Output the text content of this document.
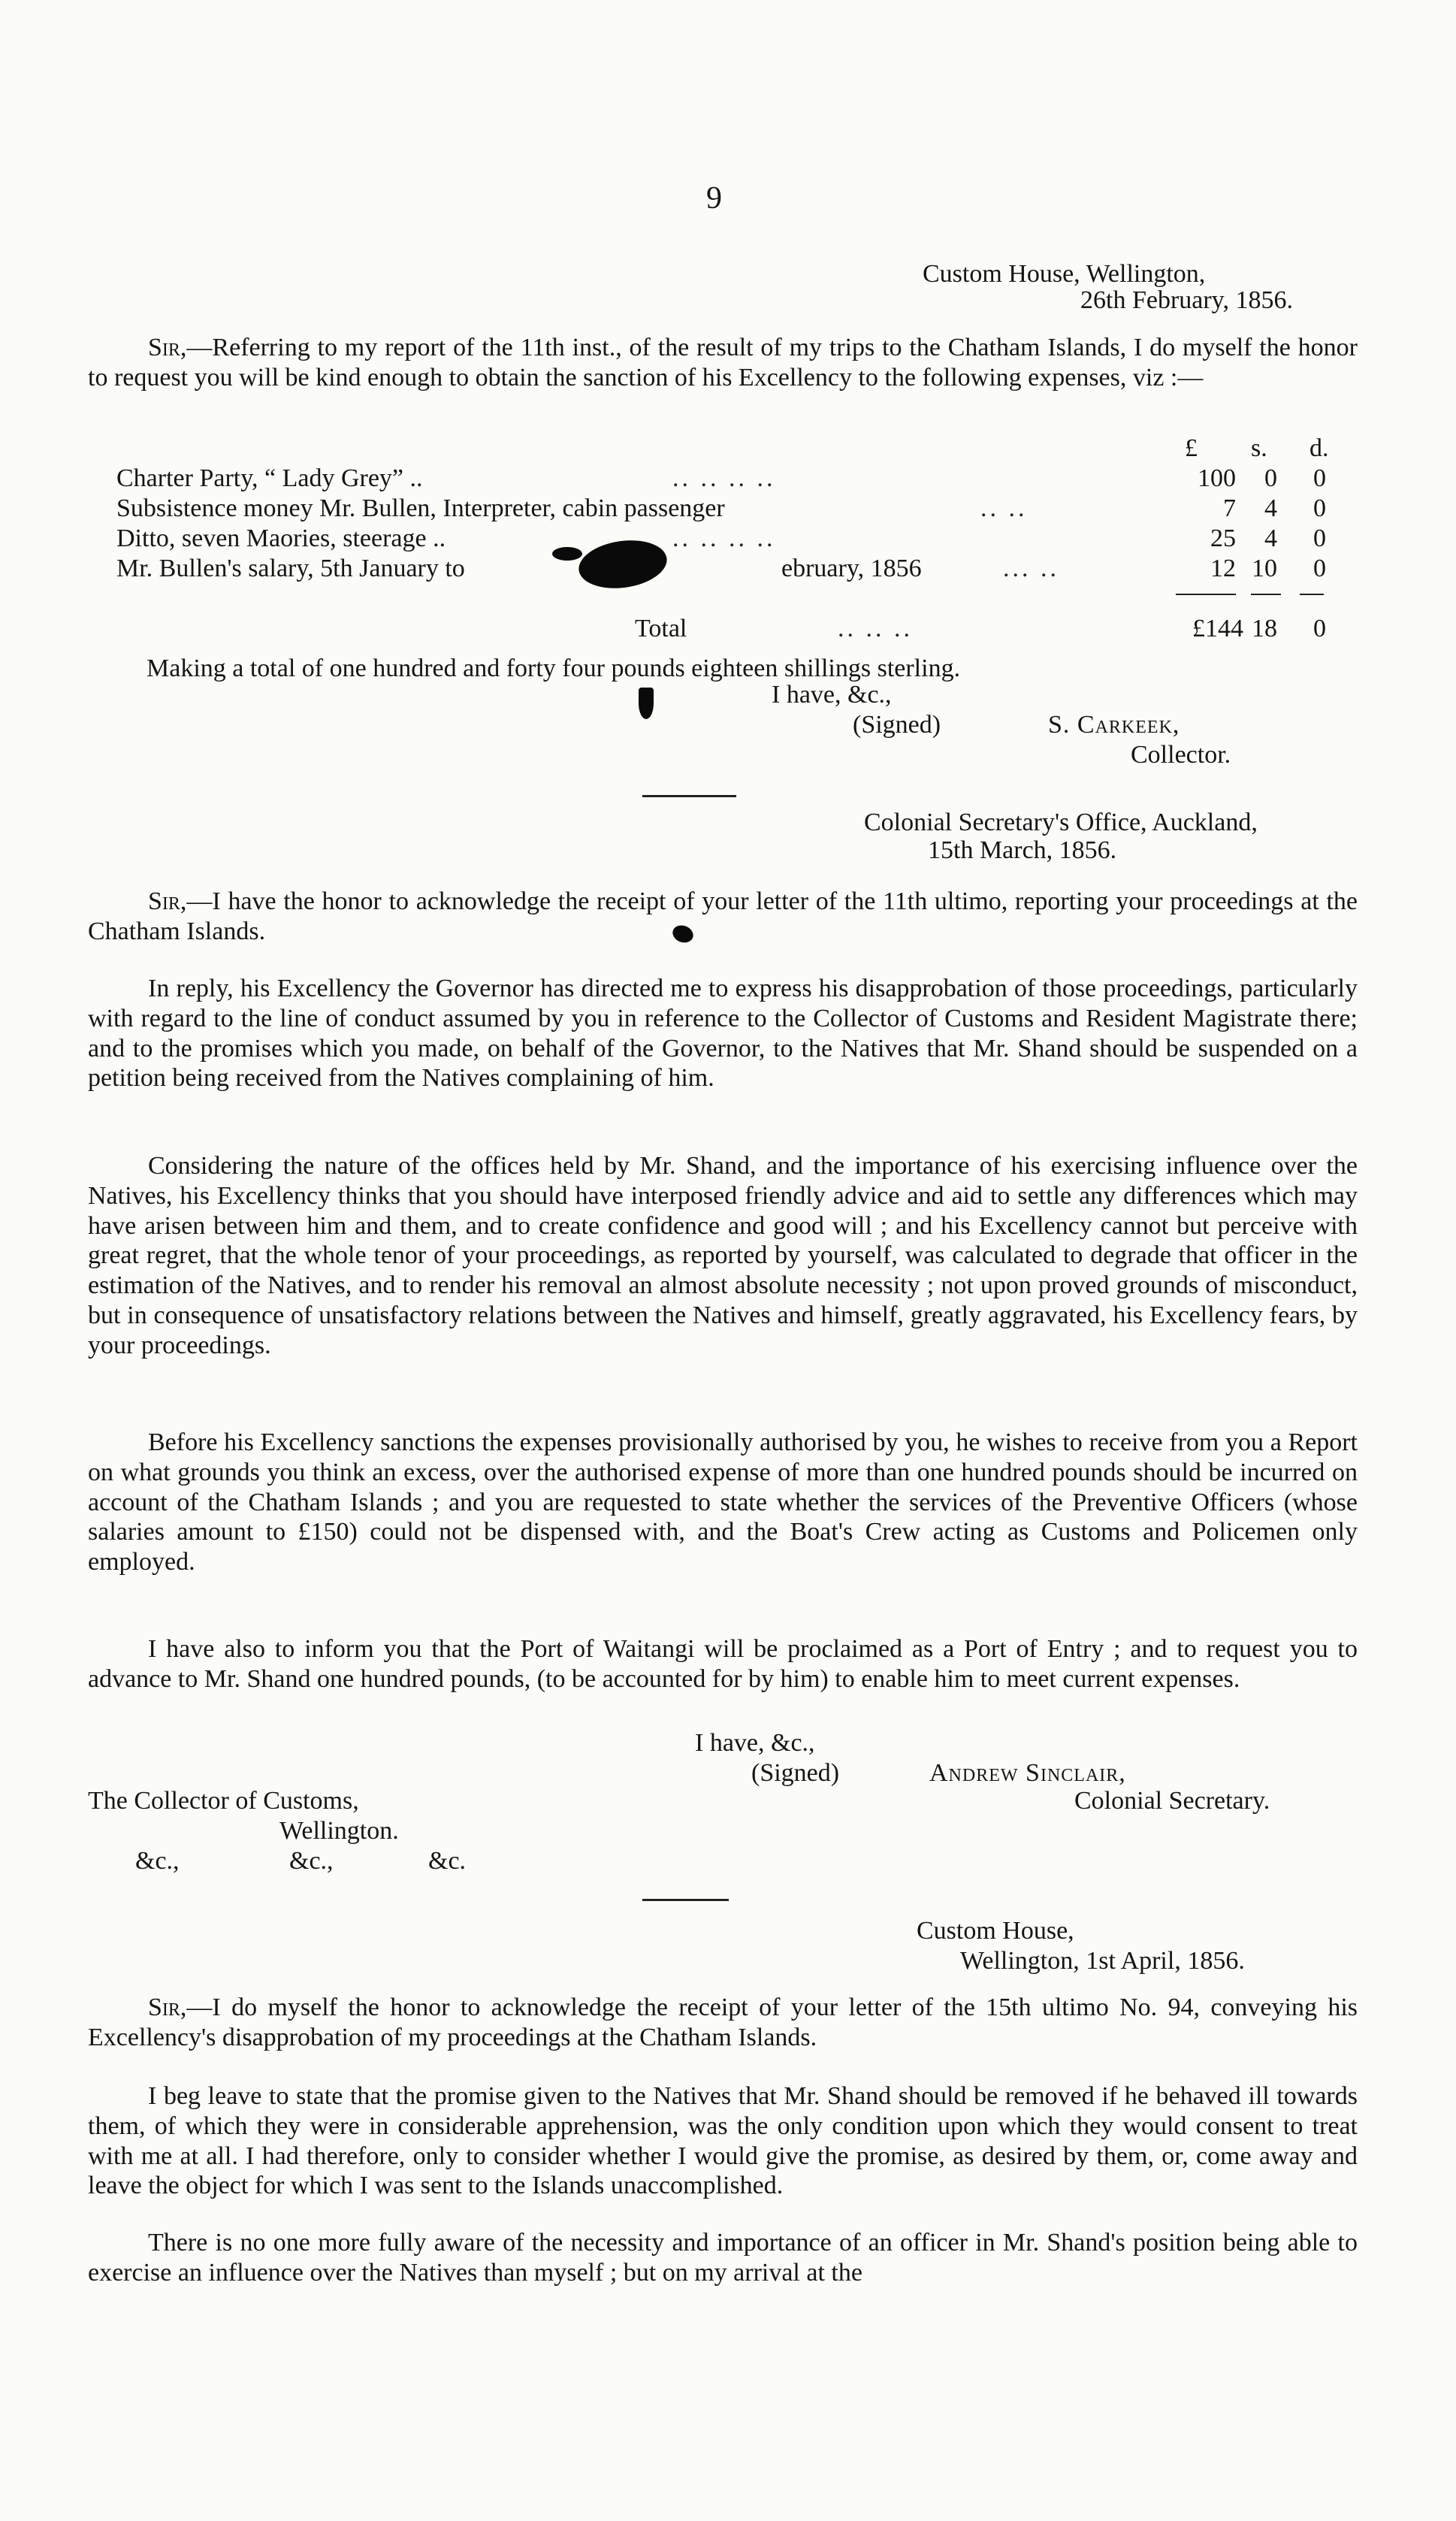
9
Custom House, Wellington,
26th February, 1856.
Sir,—Referring to my report of the 11th inst., of the result of my trips to the Chatham Islands, I do myself the honor to request you will be kind enough to obtain the sanction of his Excellency to the following expenses, viz :—
£ s. d.
Charter Party, “ Lady Grey” ..	.. .. .. ..	100	0	0
Subsistence money Mr. Bullen, Interpreter, cabin passenger	.. ..	7	4	0
Ditto, seven Maories, steerage ..	.. .. .. ..	25	4	0
Mr. Bullen's salary, 5th January to	ebruary, 1856	... ..	12 10	0
Total	.. .. ..	£144 18	0
Making a total of one hundred and forty four pounds eighteen shillings sterling.
I have, &c.,
(Signed)	S. Carkeek,
Collector.
Colonial Secretary's Office, Auckland,
15th March, 1856.
Sir,—I have the honor to acknowledge the receipt of your letter of the 11th ultimo, reporting your proceedings at the Chatham Islands.
In reply, his Excellency the Governor has directed me to express his disapprobation of those proceedings, particularly with regard to the line of conduct assumed by you in reference to the Collector of Customs and Resident Magistrate there; and to the promises which you made, on behalf of the Governor, to the Natives that Mr. Shand should be suspended on a petition being received from the Natives complaining of him.
Considering the nature of the offices held by Mr. Shand, and the importance of his exercising influence over the Natives, his Excellency thinks that you should have interposed friendly advice and aid to settle any differences which may have arisen between him and them, and to create confidence and good will ; and his Excellency cannot but perceive with great regret, that the whole tenor of your proceedings, as reported by yourself, was calculated to degrade that officer in the estimation of the Natives, and to render his removal an almost absolute necessity ; not upon proved grounds of misconduct, but in consequence of unsatisfactory relations between the Natives and himself, greatly aggravated, his Excellency fears, by your proceedings.
Before his Excellency sanctions the expenses provisionally authorised by you, he wishes to receive from you a Report on what grounds you think an excess, over the authorised expense of more than one hundred pounds should be incurred on account of the Chatham Islands ; and you are requested to state whether the services of the Preventive Officers (whose salaries amount to £150) could not be dispensed with, and the Boat's Crew acting as Customs and Policemen only employed.
I have also to inform you that the Port of Waitangi will be proclaimed as a Port of Entry ; and to request you to advance to Mr. Shand one hundred pounds, (to be accounted for by him) to enable him to meet current expenses.
I have, &c.,
(Signed)	Andrew Sinclair,
The Collector of Customs,	Colonial Secretary.
Wellington.
&c.,	&c.,	&c.
Custom House,
Wellington, 1st April, 1856.
Sir,—I do myself the honor to acknowledge the receipt of your letter of the 15th ultimo No. 94, conveying his Excellency's disapprobation of my proceedings at the Chatham Islands.
I beg leave to state that the promise given to the Natives that Mr. Shand should be removed if he behaved ill towards them, of which they were in considerable apprehension, was the only condition upon which they would consent to treat with me at all. I had therefore, only to consider whether I would give the promise, as desired by them, or, come away and leave the object for which I was sent to the Islands unaccomplished.
There is no one more fully aware of the necessity and importance of an officer in Mr. Shand's position being able to exercise an influence over the Natives than myself ; but on my arrival at the
